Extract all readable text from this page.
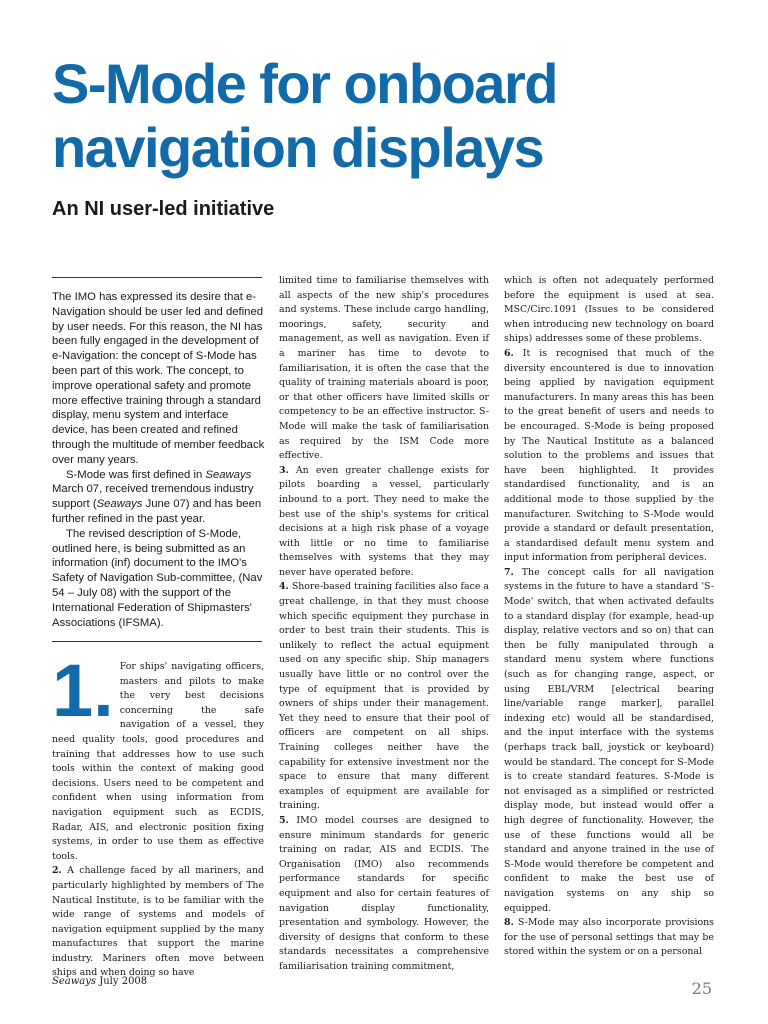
S-Mode for onboard navigation displays
An NI user-led initiative

The IMO has expressed its desire that e-Navigation should be user led and defined by user needs. For this reason, the NI has been fully engaged in the development of e-Navigation: the concept of S-Mode has been part of this work. The concept, to improve operational safety and promote more effective training through a standard display, menu system and interface device, has been created and refined through the multitude of member feedback over many years.

S-Mode was first defined in Seaways March 07, received tremendous industry support (Seaways June 07) and has been further refined in the past year.

The revised description of S-Mode, outlined here, is being submitted as an information (inf) document to the IMO's Safety of Navigation Sub-committee, (Nav 54 – July 08) with the support of the International Federation of Shipmasters' Associations (IFSMA).

1. For ships' navigating officers, masters and pilots to make the very best decisions concerning the safe navigation of a vessel, they need quality tools, good procedures and training that addresses how to use such tools within the context of making good decisions. Users need to be competent and confident when using information from navigation equipment such as ECDIS, Radar, AIS, and electronic position fixing systems, in order to use them as effective tools.

2. A challenge faced by all mariners, and particularly highlighted by members of The Nautical Institute, is to be familiar with the wide range of systems and models of navigation equipment supplied by the many manufactures that support the marine industry. Mariners often move between ships and when doing so have

limited time to familiarise themselves with all aspects of the new ship's procedures and systems. These include cargo handling, moorings, safety, security and management, as well as navigation. Even if a mariner has time to devote to familiarisation, it is often the case that the quality of training materials aboard is poor, or that other officers have limited skills or competency to be an effective instructor. S-Mode will make the task of familiarisation as required by the ISM Code more effective.

3. An even greater challenge exists for pilots boarding a vessel, particularly inbound to a port. They need to make the best use of the ship's systems for critical decisions at a high risk phase of a voyage with little or no time to familiarise themselves with systems that they may never have operated before.

4. Shore-based training facilities also face a great challenge, in that they must choose which specific equipment they purchase in order to best train their students. This is unlikely to reflect the actual equipment used on any specific ship. Ship managers usually have little or no control over the type of equipment that is provided by owners of ships under their management. Yet they need to ensure that their pool of officers are competent on all ships. Training colleges neither have the capability for extensive investment nor the space to ensure that many different examples of equipment are available for training.

5. IMO model courses are designed to ensure minimum standards for generic training on radar, AIS and ECDIS. The Organisation (IMO) also recommends performance standards for specific equipment and also for certain features of navigation display functionality, presentation and symbology. However, the diversity of designs that conform to these standards necessitates a comprehensive familiarisation training commitment,

which is often not adequately performed before the equipment is used at sea. MSC/Circ.1091 (Issues to be considered when introducing new technology on board ships) addresses some of these problems.

6. It is recognised that much of the diversity encountered is due to innovation being applied by navigation equipment manufacturers. In many areas this has been to the great benefit of users and needs to be encouraged. S-Mode is being proposed by The Nautical Institute as a balanced solution to the problems and issues that have been highlighted. It provides standardised functionality, and is an additional mode to those supplied by the manufacturer. Switching to S-Mode would provide a standard or default presentation, a standardised default menu system and input information from peripheral devices.

7. The concept calls for all navigation systems in the future to have a standard 'S-Mode' switch, that when activated defaults to a standard display (for example, head-up display, relative vectors and so on) that can then be fully manipulated through a standard menu system where functions (such as for changing range, aspect, or using EBL/VRM [electrical bearing line/variable range marker], parallel indexing etc) would all be standardised, and the input interface with the systems (perhaps track ball, joystick or keyboard) would be standard. The concept for S-Mode is to create standard features. S-Mode is not envisaged as a simplified or restricted display mode, but instead would offer a high degree of functionality. However, the use of these functions would all be standard and anyone trained in the use of S-Mode would therefore be competent and confident to make the best use of navigation systems on any ship so equipped.

8. S-Mode may also incorporate provisions for the use of personal settings that may be stored within the system or on a personal

Seaways July 2008	25
